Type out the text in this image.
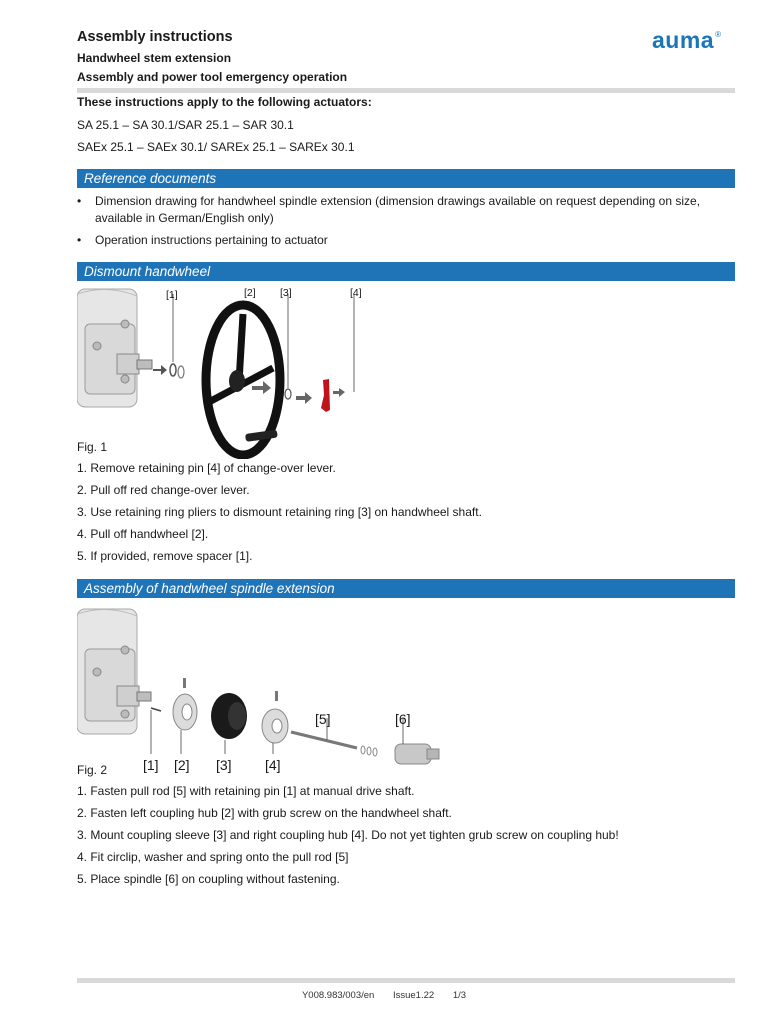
Assembly instructions
Handwheel stem extension
Assembly and power tool emergency operation
auma®
These instructions apply to the following actuators:
SA 25.1 – SA 30.1/SAR 25.1 – SAR 30.1
SAEx 25.1 – SAEx 30.1/ SAREx 25.1 – SAREx 30.1
Reference documents
•	Dimension drawing for handwheel spindle extension (dimension drawings available on request depending on size, available in German/English only)
•	Operation instructions pertaining to actuator
Dismount handwheel
[1]	[2] [3]	[4]
Fig. 1
1. Remove retaining pin [4] of change-over lever.
2. Pull off red change-over lever.
3. Use retaining ring pliers to dismount retaining ring [3] on handwheel shaft.
4. Pull off handwheel [2].
5. If provided, remove spacer [1].
Assembly of handwheel spindle extension
[1] [2] [3] [4]
[5]	[6]
Fig. 2
1. Fasten pull rod [5] with retaining pin [1] at manual drive shaft.
2. Fasten left coupling hub [2] with grub screw on the handwheel shaft.
3. Mount coupling sleeve [3] and right coupling hub [4]. Do not yet tighten grub screw on coupling hub!
4. Fit circlip, washer and spring onto the pull rod [5]
5. Place spindle [6] on coupling without fastening.
Y008.983/003/en Issue1.22 1/3
